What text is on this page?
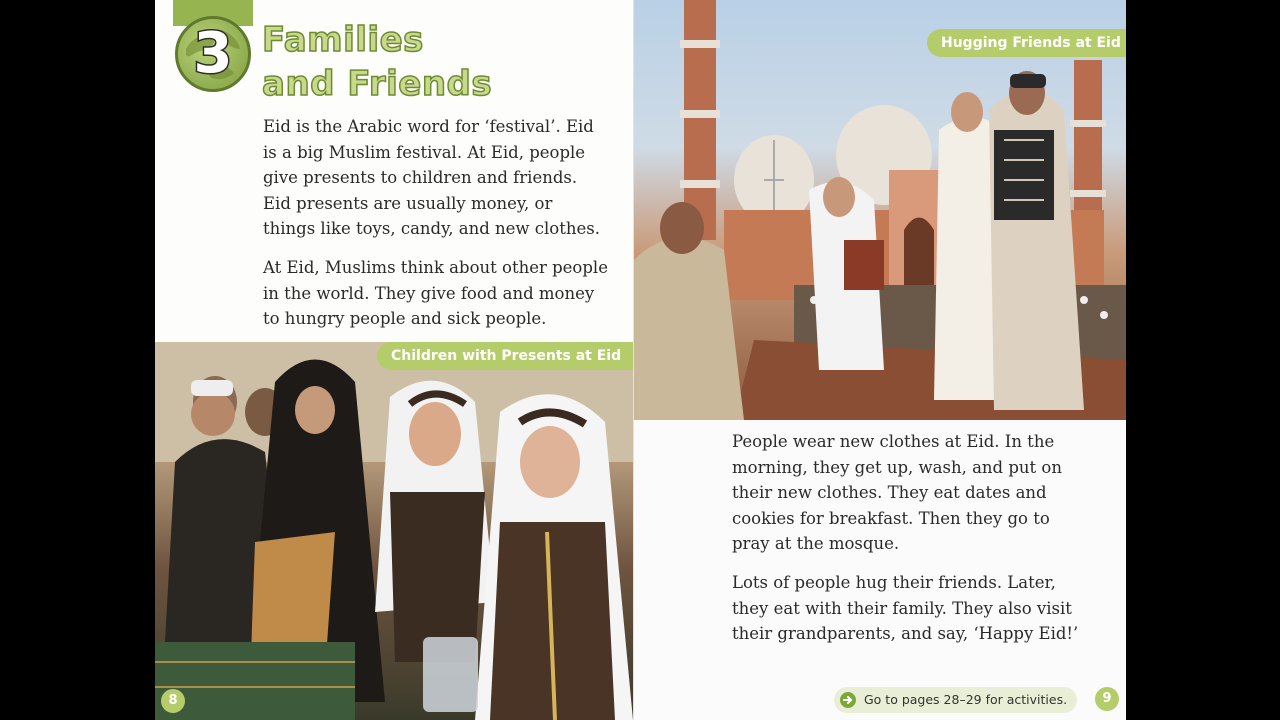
3 Families
and Friends

Eid is the Arabic word for ‘festival’. Eid is a big Muslim festival. At Eid, people give presents to children and friends. Eid presents are usually money, or things like toys, candy, and new clothes.

At Eid, Muslims think about other people in the world. They give food and money to hungry people and sick people.

Children with Presents at Eid
8
Hugging Friends at Eid

People wear new clothes at Eid. In the morning, they get up, wash, and put on their new clothes. They eat dates and cookies for breakfast. Then they go to pray at the mosque.

Lots of people hug their friends. Later, they eat with their family. They also visit their grandparents, and say, ‘Happy Eid!’

Go to pages 28–29 for activities.	9
